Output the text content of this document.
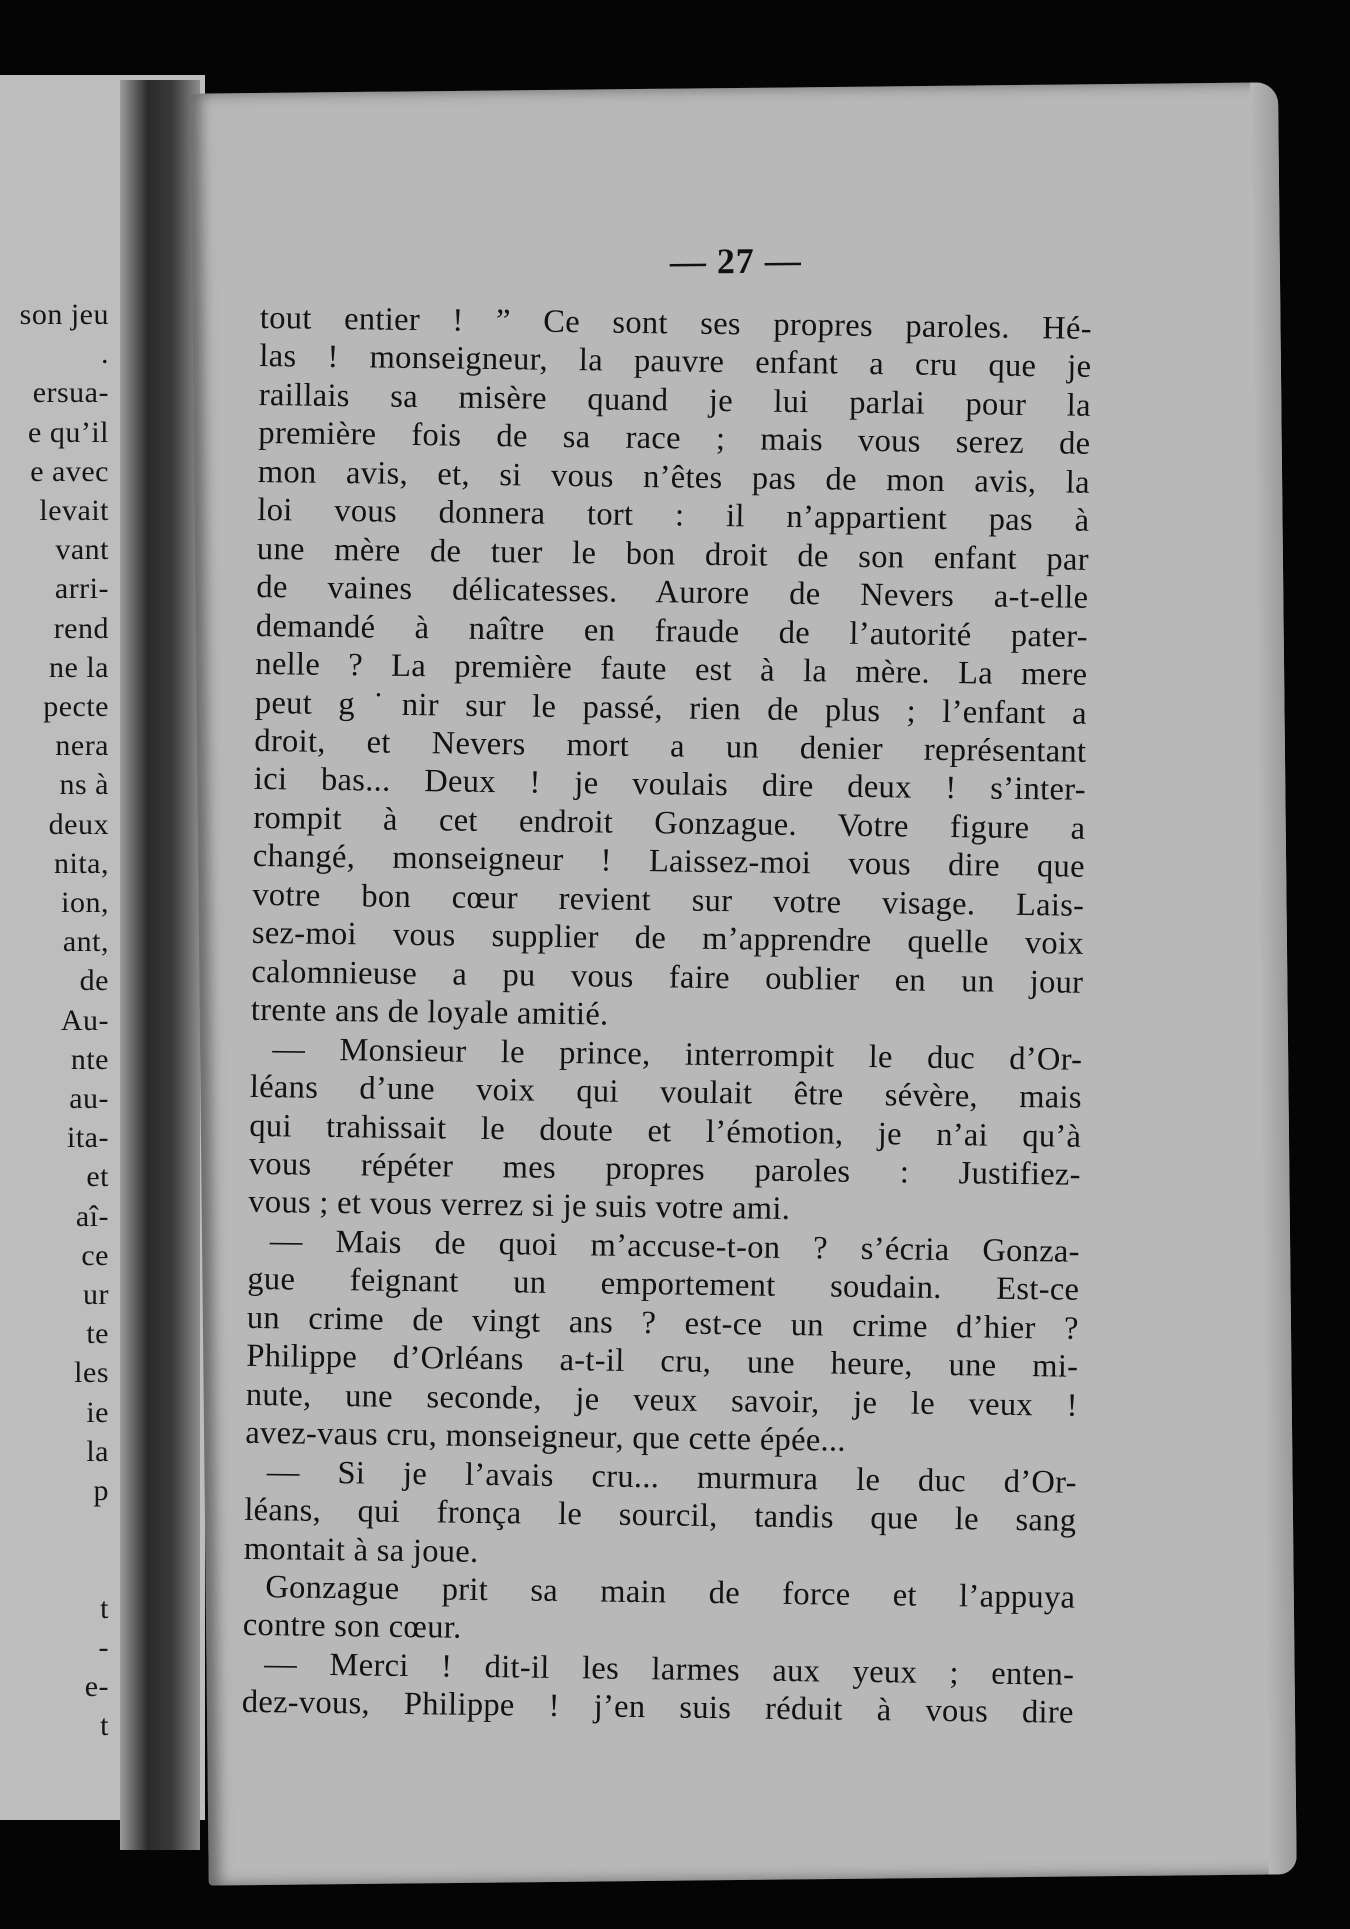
son jeu
.
ersua-
e qu’il
e avec
levait
vant
arri-
rend
ne la
pecte
nera
ns à
deux
nita,
ion,
ant,
de
Au-
nte
au-
ita-
et
aî-
ce
ur
te
les
ie
la
p

t
-
e-
t
— 27 —
tout entier ! ” Ce sont ses propres paroles. Hé-
las ! monseigneur, la pauvre enfant a cru que je
raillais sa misère quand je lui parlai pour la
première fois de sa race ; mais vous serez de
mon avis, et, si vous n’êtes pas de mon avis, la
loi vous donnera tort : il n’appartient pas à
une mère de tuer le bon droit de son enfant par
de vaines délicatesses. Aurore de Nevers a-t-elle
demandé à naître en fraude de l’autorité pater-
nelle ? La première faute est à la mère. La mere
peut g˙nir sur le passé, rien de plus ; l’enfant a
droit, et Nevers mort a un denier représentant
ici bas... Deux ! je voulais dire deux ! s’inter-
rompit à cet endroit Gonzague. Votre figure a
changé, monseigneur ! Laissez-moi vous dire que
votre bon cœur revient sur votre visage. Lais-
sez-moi vous supplier de m’apprendre quelle voix
calomnieuse a pu vous faire oublier en un jour
trente ans de loyale amitié.
— Monsieur le prince, interrompit le duc d’Or-
léans d’une voix qui voulait être sévère, mais
qui trahissait le doute et l’émotion, je n’ai qu’à
vous répéter mes propres paroles : Justifiez-
vous ; et vous verrez si je suis votre ami.
— Mais de quoi m’accuse-t-on ? s’écria Gonza-
gue feignant un emportement soudain. Est-ce
un crime de vingt ans ? est-ce un crime d’hier ?
Philippe d’Orléans a-t-il cru, une heure, une mi-
nute, une seconde, je veux savoir, je le veux !
avez-vaus cru, monseigneur, que cette épée...
— Si je l’avais cru... murmura le duc d’Or-
léans, qui fronça le sourcil, tandis que le sang
montait à sa joue.
Gonzague prit sa main de force et l’appuya
contre son cœur.
— Merci ! dit-il les larmes aux yeux ; enten-
dez-vous, Philippe ! j’en suis réduit à vous dire
